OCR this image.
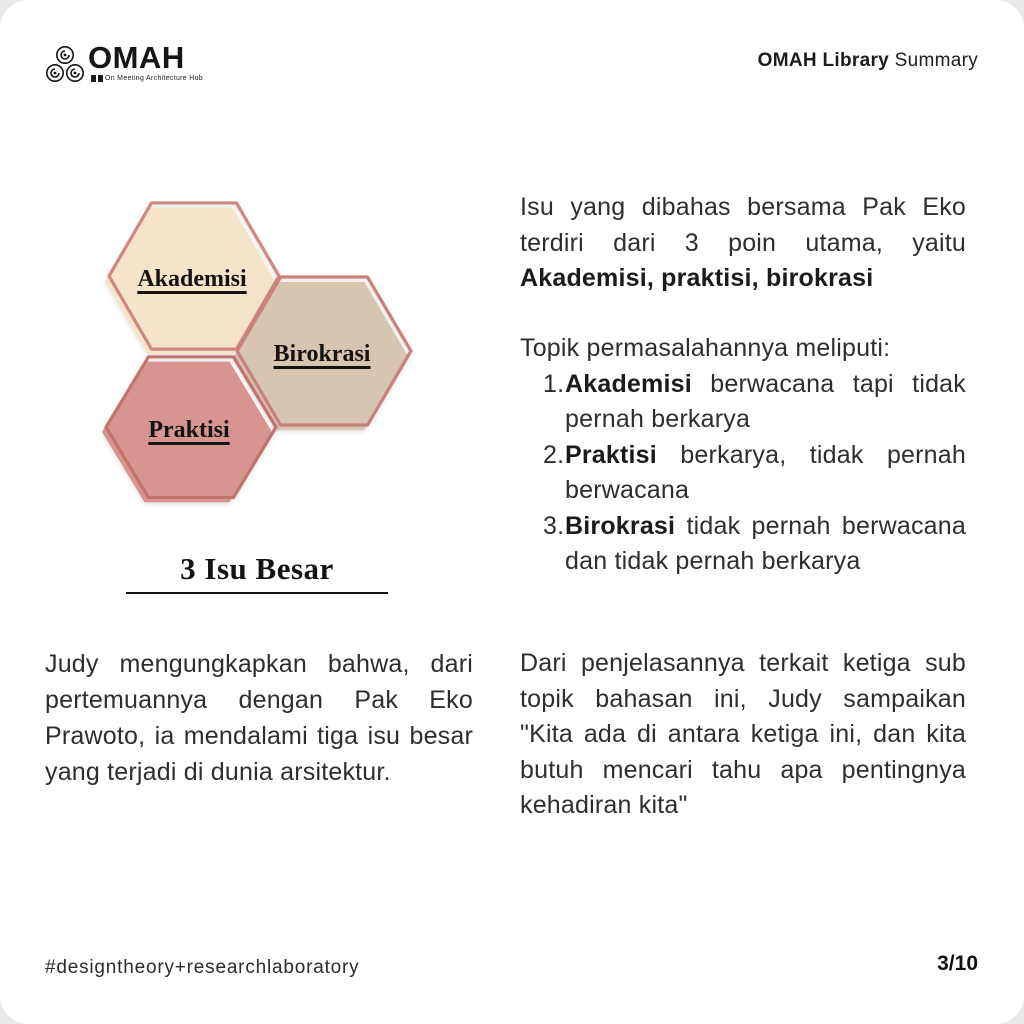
OMAH
On Meeting Architecture Hub
OMAH Library Summary
Akademisi
Birokrasi
Praktisi
3 Isu Besar

Judy mengungkapkan bahwa, dari pertemuannya dengan Pak Eko Prawoto, ia mendalami tiga isu besar yang terjadi di dunia arsitektur.

Isu yang dibahas bersama Pak Eko terdiri dari 3 poin utama, yaitu Akademisi, praktisi, birokrasi
Topik permasalahannya meliputi:
1. Akademisi berwacana tapi tidak pernah berkarya
2. Praktisi berkarya, tidak pernah berwacana
3. Birokrasi tidak pernah berwacana dan tidak pernah berkarya

Dari penjelasannya terkait ketiga sub topik bahasan ini, Judy sampaikan "Kita ada di antara ketiga ini, dan kita butuh mencari tahu apa pentingnya kehadiran kita"

#designtheory+researchlaboratory	3/10
